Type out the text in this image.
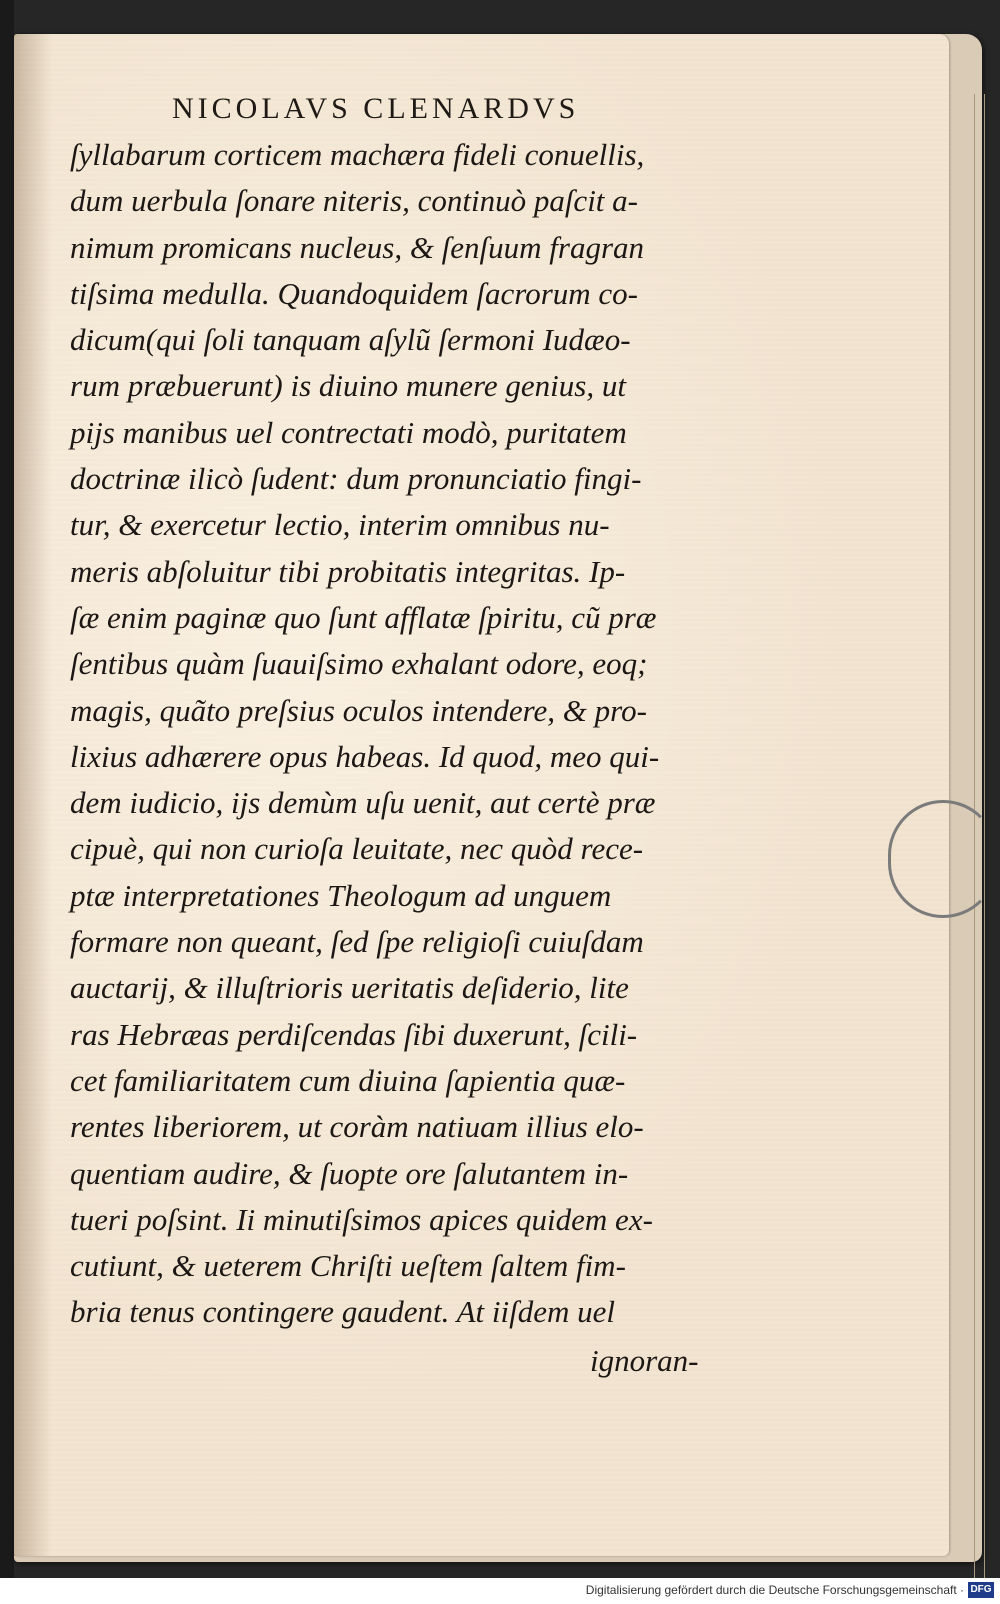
NICOLAVS CLENARDVS
ſyllabarum corticem machæra fideli conuellis,
dum uerbula ſonare niteris, continuò paſcit a-
nimum promicans nucleus, & ſenſuum fragran
tiſsima medulla. Quandoquidem ſacrorum co-
dicum(qui ſoli tanquam aſylũ ſermoni Iudæo-
rum præbuerunt) is diuino munere genius, ut
pijs manibus uel contrectati modò, puritatem
doctrinæ ilicò ſudent: dum pronunciatio fingi-
tur, & exercetur lectio, interim omnibus nu-
meris abſoluitur tibi probitatis integritas. Ip-
ſæ enim paginæ quo ſunt afflatæ ſpiritu, cũ præ
ſentibus quàm ſuauiſsimo exhalant odore, eoq;
magis, quãto preſsius oculos intendere, & pro-
lixius adhærere opus habeas. Id quod, meo qui-
dem iudicio, ijs demùm uſu uenit, aut certè præ
cipuè, qui non curioſa leuitate, nec quòd rece-
ptæ interpretationes Theologum ad unguem
formare non queant, ſed ſpe religioſi cuiuſdam
auctarij, & illuſtrioris ueritatis deſiderio, lite
ras Hebræas perdiſcendas ſibi duxerunt, ſcili-
cet familiaritatem cum diuina ſapientia quæ-
rentes liberiorem, ut coràm natiuam illius elo-
quentiam audire, & ſuopte ore ſalutantem in-
tueri poſsint. Ii minutiſsimos apices quidem ex-
cutiunt, & ueterem Chriſti ueſtem ſaltem fim-
bria tenus contingere gaudent. At iiſdem uel
ignoran-
Digitalisierung gefördert durch die Deutsche Forschungsgemeinschaft · DFG
